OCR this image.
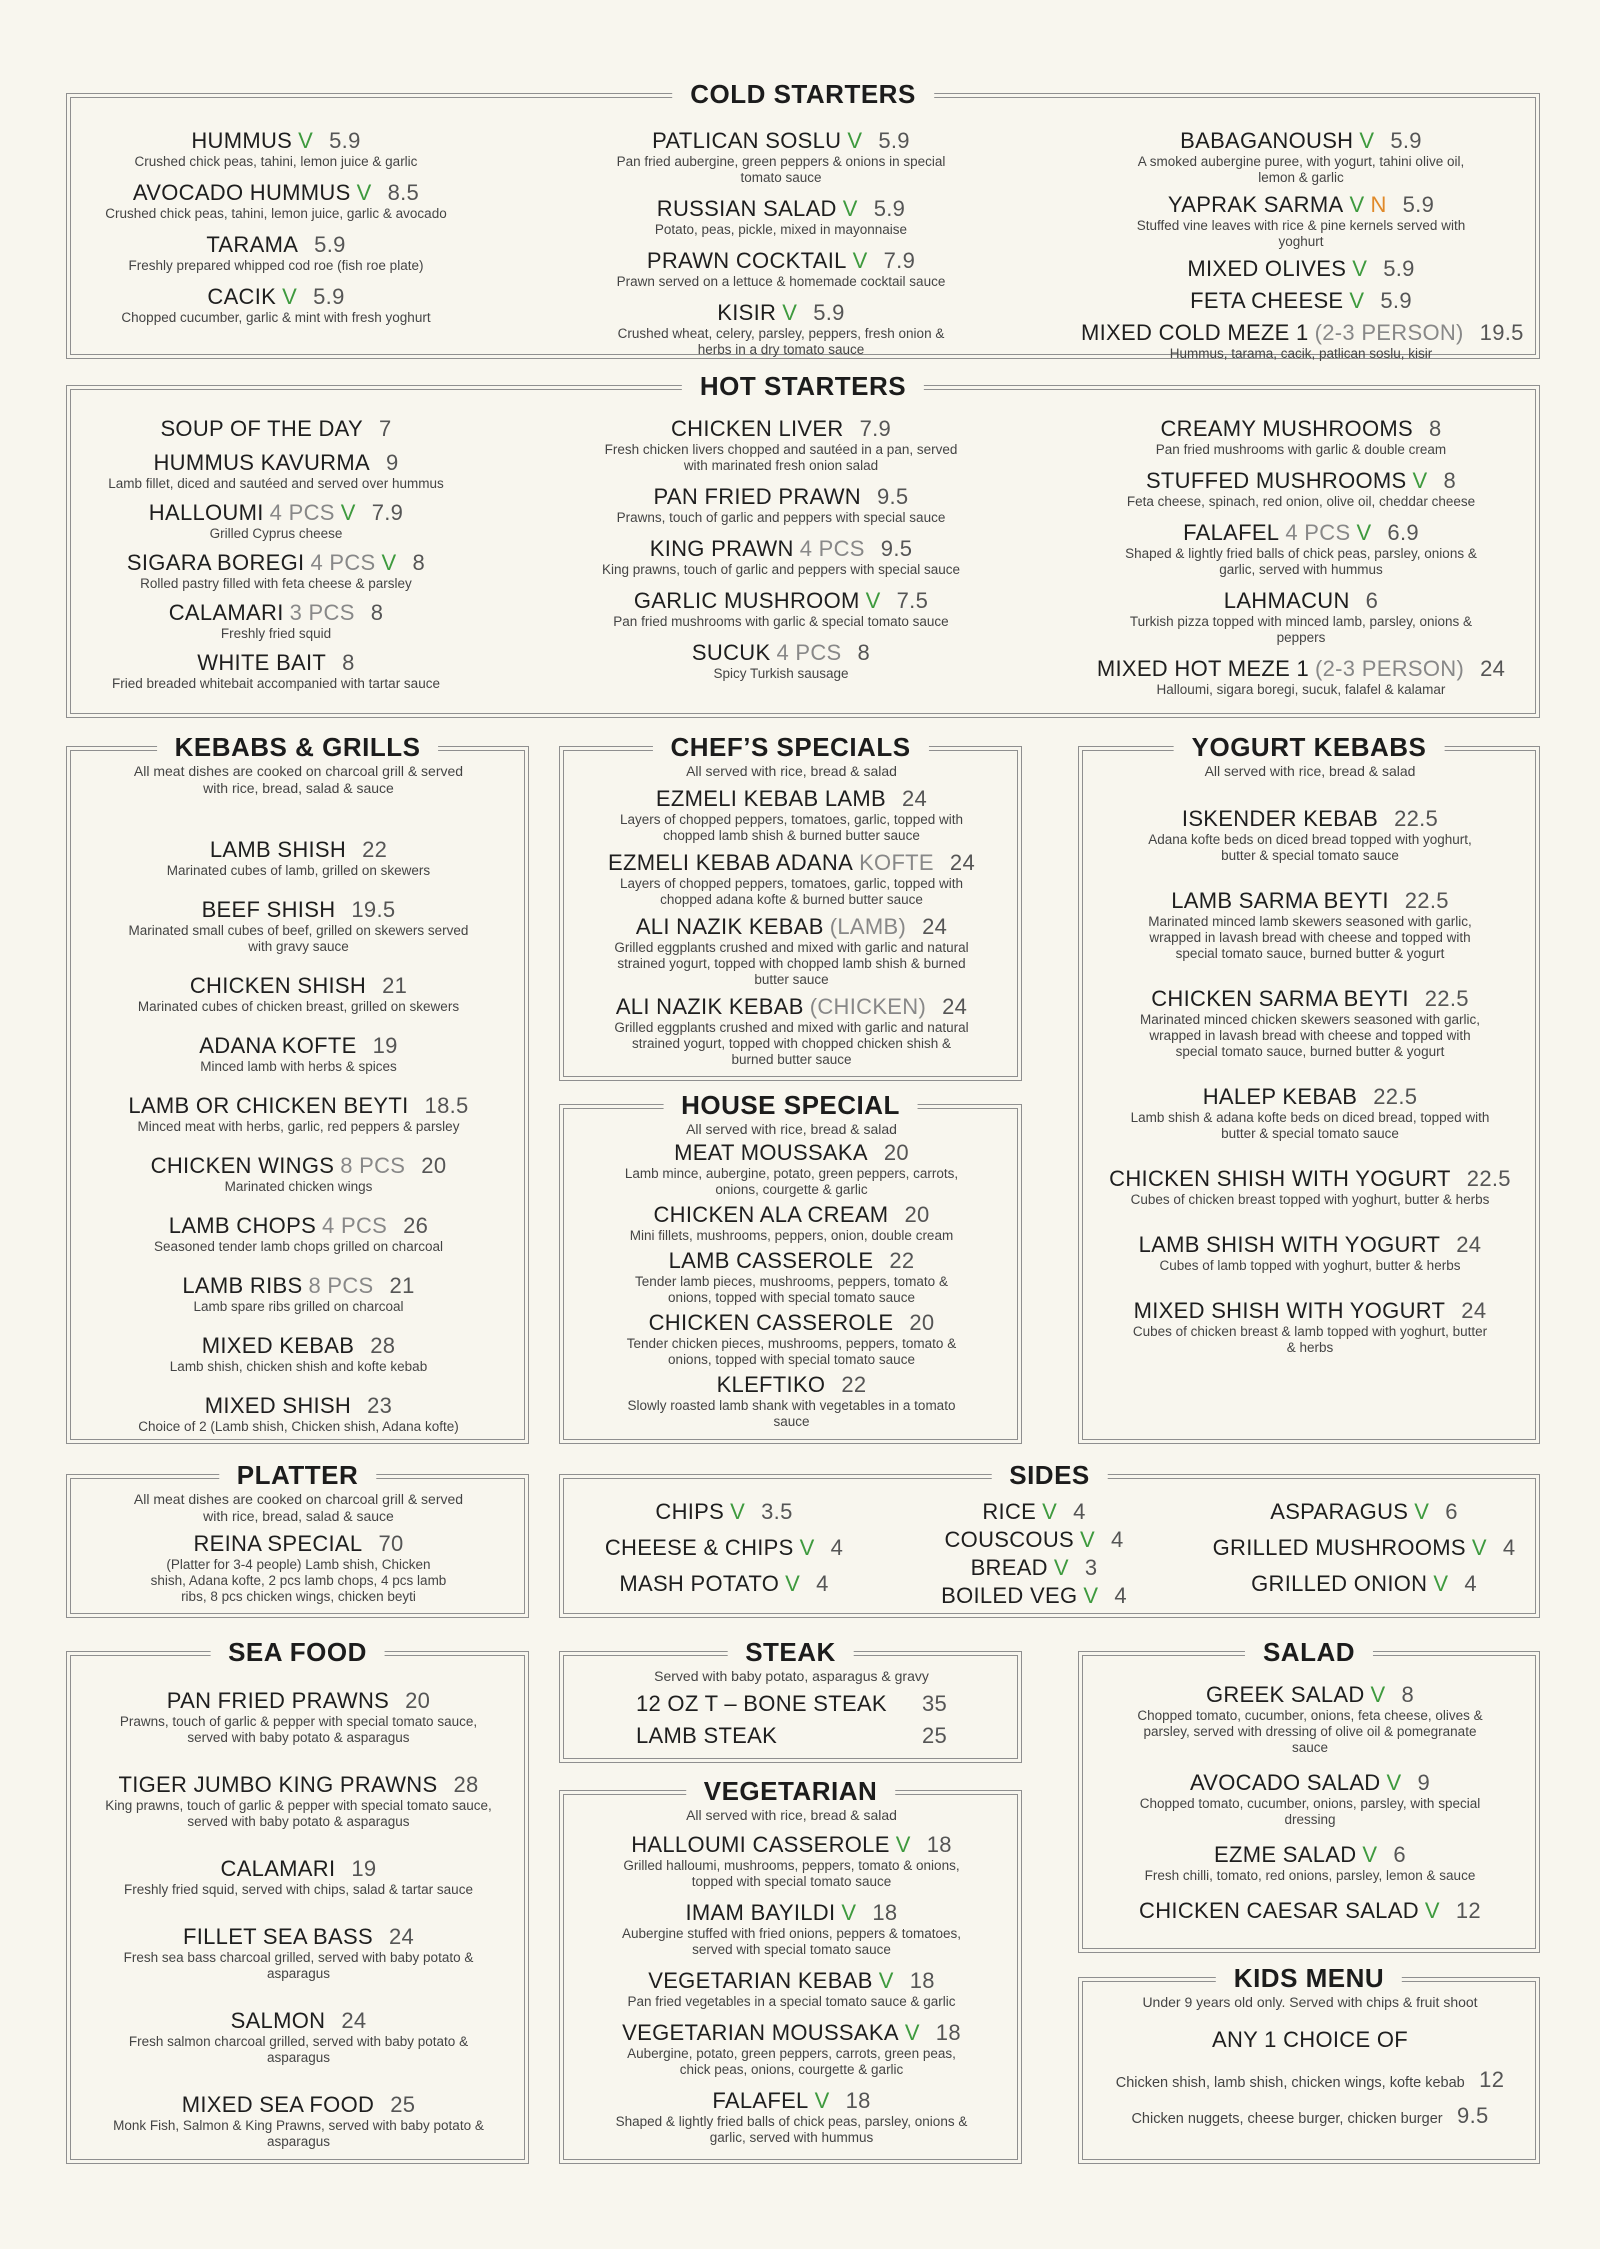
COLD STARTERS
HUMMUS V 5.9
Crushed chick peas, tahini, lemon juice & garlic
AVOCADO HUMMUS V 8.5
Crushed chick peas, tahini, lemon juice, garlic & avocado
TARAMA 5.9
Freshly prepared whipped cod roe (fish roe plate)
CACIK V 5.9
Chopped cucumber, garlic & mint with fresh yoghurt
PATLICAN SOSLU V 5.9
Pan fried aubergine, green peppers & onions in special tomato sauce
RUSSIAN SALAD V 5.9
Potato, peas, pickle, mixed in mayonnaise
PRAWN COCKTAIL V 7.9
Prawn served on a lettuce & homemade cocktail sauce
KISIR V 5.9
Crushed wheat, celery, parsley, peppers, fresh onion & herbs in a dry tomato sauce
BABAGANOUSH V 5.9
A smoked aubergine puree, with yogurt, tahini olive oil, lemon & garlic
YAPRAK SARMA V N 5.9
Stuffed vine leaves with rice & pine kernels served with yoghurt
MIXED OLIVES V 5.9
FETA CHEESE V 5.9
MIXED COLD MEZE 1 (2-3 PERSON) 19.5
Hummus, tarama, cacik, patlican soslu, kisir
HOT STARTERS
SOUP OF THE DAY 7
HUMMUS KAVURMA 9
Lamb fillet, diced and sautéed and served over hummus
HALLOUMI 4 PCS V 7.9
Grilled Cyprus cheese
SIGARA BOREGI 4 PCS V 8
Rolled pastry filled with feta cheese & parsley
CALAMARI 3 PCS 8
Freshly fried squid
WHITE BAIT 8
Fried breaded whitebait accompanied with tartar sauce
CHICKEN LIVER 7.9
Fresh chicken livers chopped and sautéed in a pan, served with marinated fresh onion salad
PAN FRIED PRAWN 9.5
Prawns, touch of garlic and peppers with special sauce
KING PRAWN 4 PCS 9.5
King prawns, touch of garlic and peppers with special sauce
GARLIC MUSHROOM V 7.5
Pan fried mushrooms with garlic & special tomato sauce
SUCUK 4 PCS 8
Spicy Turkish sausage
CREAMY MUSHROOMS 8
Pan fried mushrooms with garlic & double cream
STUFFED MUSHROOMS V 8
Feta cheese, spinach, red onion, olive oil, cheddar cheese
FALAFEL 4 PCS V 6.9
Shaped & lightly fried balls of chick peas, parsley, onions & garlic, served with hummus
LAHMACUN 6
Turkish pizza topped with minced lamb, parsley, onions & peppers
MIXED HOT MEZE 1 (2-3 PERSON) 24
Halloumi, sigara boregi, sucuk, falafel & kalamar
KEBABS & GRILLS
All meat dishes are cooked on charcoal grill & served with rice, bread, salad & sauce
LAMB SHISH 22
Marinated cubes of lamb, grilled on skewers
BEEF SHISH 19.5
Marinated small cubes of beef, grilled on skewers served with gravy sauce
CHICKEN SHISH 21
Marinated cubes of chicken breast, grilled on skewers
ADANA KOFTE 19
Minced lamb with herbs & spices
LAMB OR CHICKEN BEYTI 18.5
Minced meat with herbs, garlic, red peppers & parsley
CHICKEN WINGS 8 PCS 20
Marinated chicken wings
LAMB CHOPS 4 PCS 26
Seasoned tender lamb chops grilled on charcoal
LAMB RIBS 8 PCS 21
Lamb spare ribs grilled on charcoal
MIXED KEBAB 28
Lamb shish, chicken shish and kofte kebab
MIXED SHISH 23
Choice of 2 (Lamb shish, Chicken shish, Adana kofte)
CHEF’S SPECIALS
All served with rice, bread & salad
EZMELI KEBAB LAMB 24
Layers of chopped peppers, tomatoes, garlic, topped with chopped lamb shish & burned butter sauce
EZMELI KEBAB ADANA KOFTE 24
Layers of chopped peppers, tomatoes, garlic, topped with chopped adana kofte & burned butter sauce
ALI NAZIK KEBAB (LAMB) 24
Grilled eggplants crushed and mixed with garlic and natural strained yogurt, topped with chopped lamb shish & burned butter sauce
ALI NAZIK KEBAB (CHICKEN) 24
Grilled eggplants crushed and mixed with garlic and natural strained yogurt, topped with chopped chicken shish & burned butter sauce
HOUSE SPECIAL
All served with rice, bread & salad
MEAT MOUSSAKA 20
Lamb mince, aubergine, potato, green peppers, carrots, onions, courgette & garlic
CHICKEN ALA CREAM 20
Mini fillets, mushrooms, peppers, onion, double cream
LAMB CASSEROLE 22
Tender lamb pieces, mushrooms, peppers, tomato & onions, topped with special tomato sauce
CHICKEN CASSEROLE 20
Tender chicken pieces, mushrooms, peppers, tomato & onions, topped with special tomato sauce
KLEFTIKO 22
Slowly roasted lamb shank with vegetables in a tomato sauce
YOGURT KEBABS
All served with rice, bread & salad
ISKENDER KEBAB 22.5
Adana kofte beds on diced bread topped with yoghurt, butter & special tomato sauce
LAMB SARMA BEYTI 22.5
Marinated minced lamb skewers seasoned with garlic, wrapped in lavash bread with cheese and topped with special tomato sauce, burned butter & yogurt
CHICKEN SARMA BEYTI 22.5
Marinated minced chicken skewers seasoned with garlic, wrapped in lavash bread with cheese and topped with special tomato sauce, burned butter & yogurt
HALEP KEBAB 22.5
Lamb shish & adana kofte beds on diced bread, topped with butter & special tomato sauce
CHICKEN SHISH WITH YOGURT 22.5
Cubes of chicken breast topped with yoghurt, butter & herbs
LAMB SHISH WITH YOGURT 24
Cubes of lamb topped with yoghurt, butter & herbs
MIXED SHISH WITH YOGURT 24
Cubes of chicken breast & lamb topped with yoghurt, butter & herbs
PLATTER
All meat dishes are cooked on charcoal grill & served with rice, bread, salad & sauce
REINA SPECIAL 70
(Platter for 3-4 people) Lamb shish, Chicken shish, Adana kofte, 2 pcs lamb chops, 4 pcs lamb ribs, 8 pcs chicken wings, chicken beyti
SIDES
CHIPS V 3.5
CHEESE & CHIPS V 4
MASH POTATO V 4
RICE V 4
COUSCOUS V 4
BREAD V 3
BOILED VEG V 4
ASPARAGUS V 6
GRILLED MUSHROOMS V 4
GRILLED ONION V 4
SEA FOOD
PAN FRIED PRAWNS 20
Prawns, touch of garlic & pepper with special tomato sauce, served with baby potato & asparagus
TIGER JUMBO KING PRAWNS 28
King prawns, touch of garlic & pepper with special tomato sauce, served with baby potato & asparagus
CALAMARI 19
Freshly fried squid, served with chips, salad & tartar sauce
FILLET SEA BASS 24
Fresh sea bass charcoal grilled, served with baby potato & asparagus
SALMON 24
Fresh salmon charcoal grilled, served with baby potato & asparagus
MIXED SEA FOOD 25
Monk Fish, Salmon & King Prawns, served with baby potato & asparagus
STEAK
Served with baby potato, asparagus & gravy
12 OZ T – BONE STEAK 35
LAMB STEAK	25
VEGETARIAN
All served with rice, bread & salad
HALLOUMI CASSEROLE V 18
Grilled halloumi, mushrooms, peppers, tomato & onions, topped with special tomato sauce
IMAM BAYILDI V 18
Aubergine stuffed with fried onions, peppers & tomatoes, served with special tomato sauce
VEGETARIAN KEBAB V 18
Pan fried vegetables in a special tomato sauce & garlic
VEGETARIAN MOUSSAKA V 18
Aubergine, potato, green peppers, carrots, green peas, chick peas, onions, courgette & garlic
FALAFEL V 18
Shaped & lightly fried balls of chick peas, parsley, onions & garlic, served with hummus
SALAD
GREEK SALAD V 8
Chopped tomato, cucumber, onions, feta cheese, olives & parsley, served with dressing of olive oil & pomegranate sauce
AVOCADO SALAD V 9
Chopped tomato, cucumber, onions, parsley, with special dressing
EZME SALAD V 6
Fresh chilli, tomato, red onions, parsley, lemon & sauce
CHICKEN CAESAR SALAD V 12
KIDS MENU
Under 9 years old only. Served with chips & fruit shoot
ANY 1 CHOICE OF
Chicken shish, lamb shish, chicken wings, kofte kebab 12
Chicken nuggets, cheese burger, chicken burger 9.5
